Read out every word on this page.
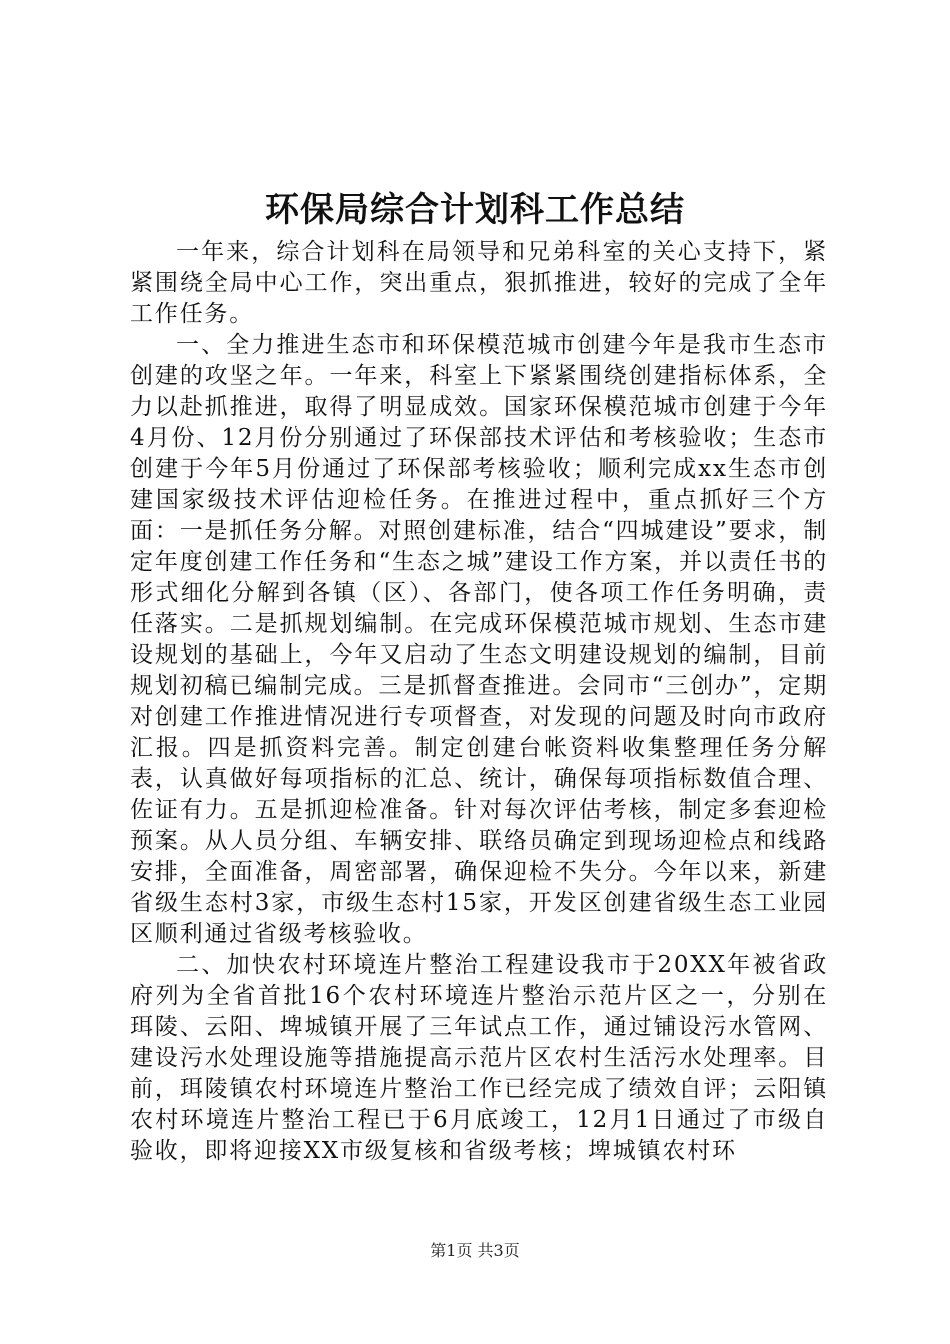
环保局综合计划科工作总结

一年来，综合计划科在局领导和兄弟科室的关心支持下，紧紧围绕全局中心工作，突出重点，狠抓推进，较好的完成了全年工作任务。

一、全力推进生态市和环保模范城市创建今年是我市生态市创建的攻坚之年。一年来，科室上下紧紧围绕创建指标体系，全力以赴抓推进，取得了明显成效。国家环保模范城市创建于今年4月份、12月份分别通过了环保部技术评估和考核验收；生态市创建于今年5月份通过了环保部考核验收；顺利完成xx生态市创建国家级技术评估迎检任务。在推进过程中，重点抓好三个方面：一是抓任务分解。对照创建标准，结合“四城建设”要求，制定年度创建工作任务和“生态之城”建设工作方案，并以责任书的形式细化分解到各镇（区）、各部门，使各项工作任务明确，责任落实。二是抓规划编制。在完成环保模范城市规划、生态市建设规划的基础上，今年又启动了生态文明建设规划的编制，目前规划初稿已编制完成。三是抓督查推进。会同市“三创办”，定期对创建工作推进情况进行专项督查，对发现的问题及时向市政府汇报。四是抓资料完善。制定创建台帐资料收集整理任务分解表，认真做好每项指标的汇总、统计，确保每项指标数值合理、佐证有力。五是抓迎检准备。针对每次评估考核，制定多套迎检预案。从人员分组、车辆安排、联络员确定到现场迎检点和线路安排，全面准备，周密部署，确保迎检不失分。今年以来，新建省级生态村3家，市级生态村15家，开发区创建省级生态工业园区顺利通过省级考核验收。

二、加快农村环境连片整治工程建设我市于20XX年被省政府列为全省首批16个农村环境连片整治示范片区之一，分别在珥陵、云阳、埤城镇开展了三年试点工作，通过铺设污水管网、建设污水处理设施等措施提高示范片区农村生活污水处理率。目前，珥陵镇农村环境连片整治工作已经完成了绩效自评；云阳镇农村环境连片整治工程已于6月底竣工，12月1日通过了市级自验收，即将迎接XX市级复核和省级考核；埤城镇农村环

第1页 共3页
